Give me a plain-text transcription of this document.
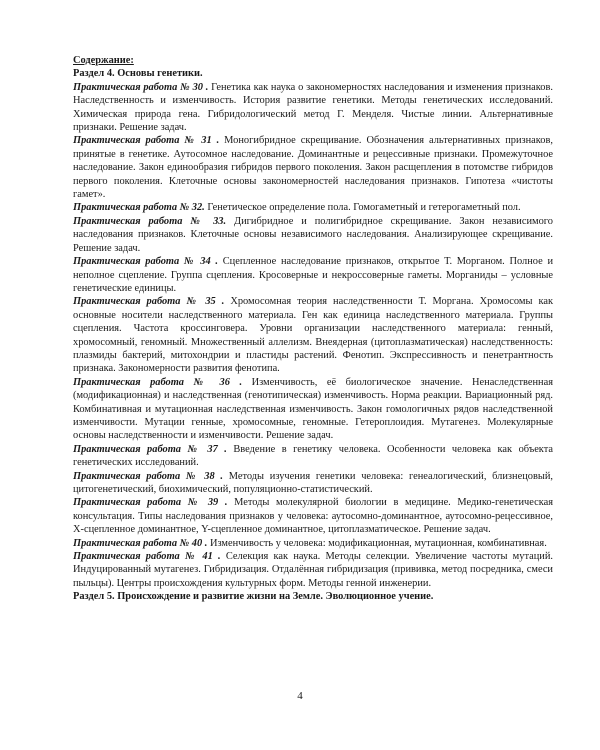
Содержание:
Раздел 4. Основы генетики.

Практическая работа № 30 . Генетика как наука о закономерностях наследования и изменения признаков. Наследственность и изменчивость. История развитие генетики. Методы генетических исследований. Химическая природа гена. Гибридологический метод Г. Менделя. Чистые линии. Альтернативные признаки. Решение задач.

Практическая работа № 31 . Моногибридное скрещивание. Обозначения альтернативных признаков, принятые в генетике. Аутосомное наследование. Доминантные и рецессивные признаки. Промежуточное наследование. Закон единообразия гибридов первого поколения. Закон расщепления в потомстве гибридов первого поколения. Клеточные основы закономерностей наследования признаков. Гипотеза «чистоты гамет».

Практическая работа № 32. Генетическое определение пола. Гомогаметный и гетерогаметный пол.

Практическая работа № 33. Дигибридное и полигибридное скрещивание. Закон независимого наследования признаков. Клеточные основы независимого наследования. Анализирующее скрещивание. Решение задач.

Практическая работа № 34 . Сцепленное наследование признаков, открытое Т. Морганом. Полное и неполное сцепление. Группа сцепления. Кросоверные и некроссоверные гаметы. Морганиды – условные генетические единицы.

Практическая работа № 35 . Хромосомная теория наследственности Т. Моргана. Хромосомы как основные носители наследственного материала. Ген как единица наследственного материала. Группы сцепления. Частота кроссинговера. Уровни организации наследственного материала: генный, хромосомный, геномный. Множественный аллелизм. Внеядерная (цитоплазматическая) наследственность: плазмиды бактерий, митохондрии и пластиды растений. Фенотип. Экспрессивность и пенетрантность признака. Закономерности развития фенотипа.

Практическая работа № 36 . Изменчивость, её биологическое значение. Ненаследственная (модификационная) и наследственная (генотипическая) изменчивость. Норма реакции. Вариационный ряд. Комбинативная и мутационная наследственная изменчивость. Закон гомологичных рядов наследственной изменчивости. Мутации генные, хромосомные, геномные. Гетероплоидия. Мутагенез. Молекулярные основы наследственности и изменчивости. Решение задач.

Практическая работа № 37 . Введение в генетику человека. Особенности человека как объекта генетических исследований.

Практическая работа № 38 . Методы изучения генетики человека: генеалогический, близнецовый, цитогенетический, биохимический, популяционно-статистический.

Практическая работа № 39 . Методы молекулярной биологии в медицине. Медико-генетическая консультация. Типы наследования признаков у человека: аутосомно-доминантное, аутосомно-рецессивное, X-сцепленное доминантное, Y-сцепленное доминантное, цитоплазматическое. Решение задач.

Практическая работа № 40 . Изменчивость у человека: модификационная, мутационная, комбинативная.

Практическая работа № 41 . Селекция как наука. Методы селекции. Увеличение частоты мутаций. Индуцированный мутагенез. Гибридизация. Отдалённая гибридизация (прививка, метод посредника, смеси пыльцы). Центры происхождения культурных форм. Методы генной инженерии.

Раздел 5. Происхождение и развитие жизни на Земле. Эволюционное учение.
4
